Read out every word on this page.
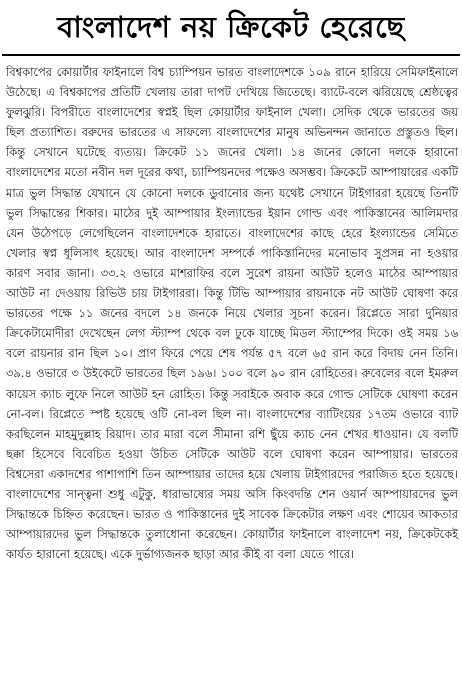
বাংলাদেশ নয় ক্রিকেট হেরেছে

বিশ্বকাপের কোয়ার্টার ফাইনালে বিশ্ব চ্যাম্পিয়ন ভারত বাংলাদেশকে ১০৯ রানে হারিয়ে সেমিফাইনালে উঠেছে। এ বিশ্বকাপের প্রতিটি খেলায় তারা দাপট দেখিয়ে জিতেছে। ব্যাটে-বলে ঝরিয়েছে শ্রেষ্ঠত্বের ফুলঝুরি। বিপরীতে বাংলাদেশের স্বপ্নই ছিল কোয়ার্টার ফাইনাল খেলা। সেদিক থেকে ভারতের জয় ছিল প্রত্যাশিত। বরুদের ভারতের এ সাফল্যে বাংলাদেশের মানুষ অভিনন্দন জানাতে প্রস্তুতও ছিল। কিন্তু সেখানে ঘটেছে ব্যত্যয়। ক্রিকেট ১১ জনের খেলা। ১৪ জনের কোনো দলকে হারানো বাংলাদেশের মতো নবীন দল দূরের কথা, চ্যাম্পিয়নদের পক্ষেও অসম্ভব। ক্রিকেটে আম্পায়ারের একটি মাত্র ভুল সিদ্ধান্ত যেখানে যে কোনো দলকে ডুবানোর জন্য যথেষ্ট সেখানে টাইগাররা হয়েছে তিনটি ভুল সিদ্ধান্তের শিকার। মাঠের দুই আম্পায়ার ইংল্যান্ডের ইয়ান গোল্ড এবং পাকিস্তানের আলিমদার যেন উঠেপড়ে লেগেছিলেন বাংলাদেশকে হারাতে। বাংলাদেশের কাছে হেরে ইংল্যান্ডের সেমিতে খেলার স্বপ্ন ধূলিসাৎ হয়েছে। আর বাংলাদেশ সম্পর্কে পাকিস্তানিদের মনোভাব সুপ্রসন্ন না হওয়ার কারণ সবার জানা। ৩৩.২ ওভারে মাশরাফির বলে সুরেশ রায়না আউট হলেও মাঠের আম্পায়ার আউট না দেওয়ায় রিভিউ চায় টাইগাররা। কিন্তু টিভি আম্পায়ার রায়নাকে নট আউট ঘোষণা করে ভারতের পক্ষে ১১ জনের বদলে ১৪ জনকে নিয়ে খেলার সূচনা করেন। রিপ্লেতে সারা দুনিয়ার ক্রিকেটামোদীরা দেখেছেন লেগ স্ট্যাম্প থেকে বল ঢুকে যাচ্ছে মিডল স্ট্যাম্পের দিকে। ওই সময় ১৬ বলে রায়নার রান ছিল ১০। প্রাণ ফিরে পেয়ে শেষ পর্যন্ত ৫৭ বলে ৬৫ রান করে বিদায় নেন তিনি। ৩৯.৪ ওভারে ৩ উইকেটে ভারতের ছিল ১৯৬। ১০০ বলে ৯০ রান রোহিতের। রুবেলের বলে ইমরুল কায়েস ক্যাচ লুফে নিলে আউট হন রোহিত। কিন্তু সবাইকে অবাক করে গোল্ড সেটিকে ঘোষণা করেন নো-বল। রিপ্লেতে স্পষ্ট হয়েছে ওটি নো-বল ছিল না। বাংলাদেশের ব্যাটিংয়ের ১৭তম ওভারে ব্যাট করছিলেন মাহমুদুল্লাহ রিয়াদ। তার মারা বলে সীমানা রশি ছুঁয়ে ক্যাচ নেন শেখর ধাওয়ান। যে বলটি ছক্কা হিসেবে বিবেচিত হওয়া উচিত সেটিকে আউট বলে ঘোষণা করেন আম্পায়ার। ভারতের বিশ্বসেরা একাদশের পাশাপাশি তিন আম্পায়ার তাদের হয়ে খেলায় টাইগারদের পরাজিত হতে হয়েছে। বাংলাদেশের সান্ত্বনা শুধু এটুকু, ধারাভাষ্যের সময় অসি কিংবদন্তি শেন ওয়ার্ন আম্পায়ারদের ভুল সিদ্ধান্তকে চিহ্নিত করেছেন। ভারত ও পাকিস্তানের দুই সাবেক ক্রিকেটার লক্ষণ এবং শোয়েব আকতার আম্পায়ারদের ভুল সিদ্ধান্তকে তুলাধোনা করেছেন। কোয়ার্টার ফাইনালে বাংলাদেশ নয়, ক্রিকেটকেই কার্যত হারানো হয়েছে। একে দুর্ভাগ্যজনক ছাড়া আর কীই বা বলা যেতে পারে।
